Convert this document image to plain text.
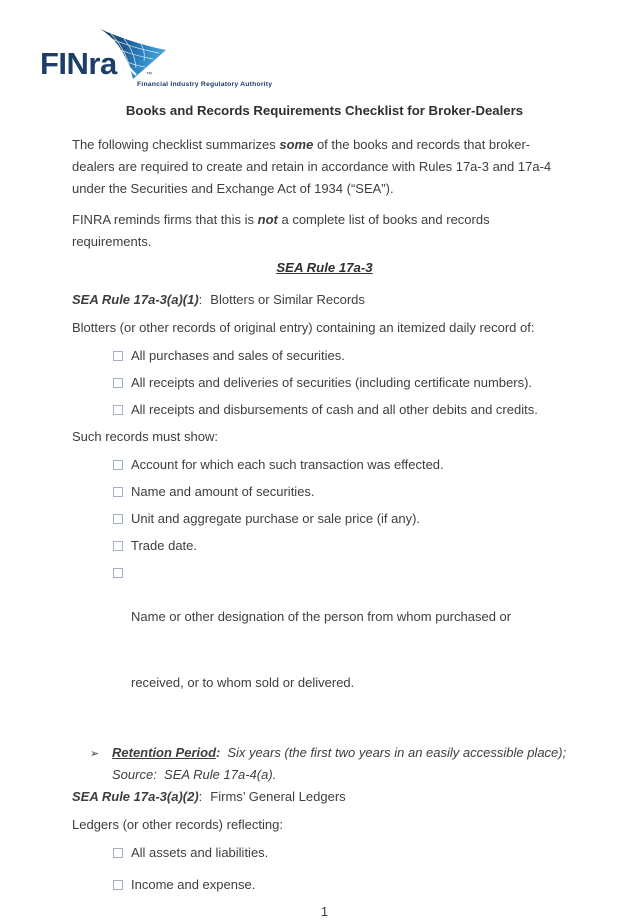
FINra	™
Financial Industry Regulatory Authority
Books and Records Requirements Checklist for Broker-Dealers

The following checklist summarizes some of the books and records that broker-
dealers are required to create and retain in accordance with Rules 17a-3 and 17a-4
under the Securities and Exchange Act of 1934 (“SEA”).

FINRA reminds firms that this is not a complete list of books and records
requirements.

SEA Rule 17a-3

SEA Rule 17a-3(a)(1): Blotters or Similar Records

Blotters (or other records of original entry) containing an itemized daily record of:

All purchases and sales of securities.
All receipts and deliveries of securities (including certificate numbers).
All receipts and disbursements of cash and all other debits and credits.

Such records must show:

Account for which each such transaction was effected.
Name and amount of securities.
Unit and aggregate purchase or sale price (if any).
Trade date.

Name or other designation of the person from whom purchased or

received, or to whom sold or delivered.

➢ Retention Period: Six years (the first two years in an easily accessible place);
Source:  SEA Rule 17a-4(a).

SEA Rule 17a-3(a)(2): Firms’ General Ledgers

Ledgers (or other records) reflecting:

All assets and liabilities.
Income and expense.
1
